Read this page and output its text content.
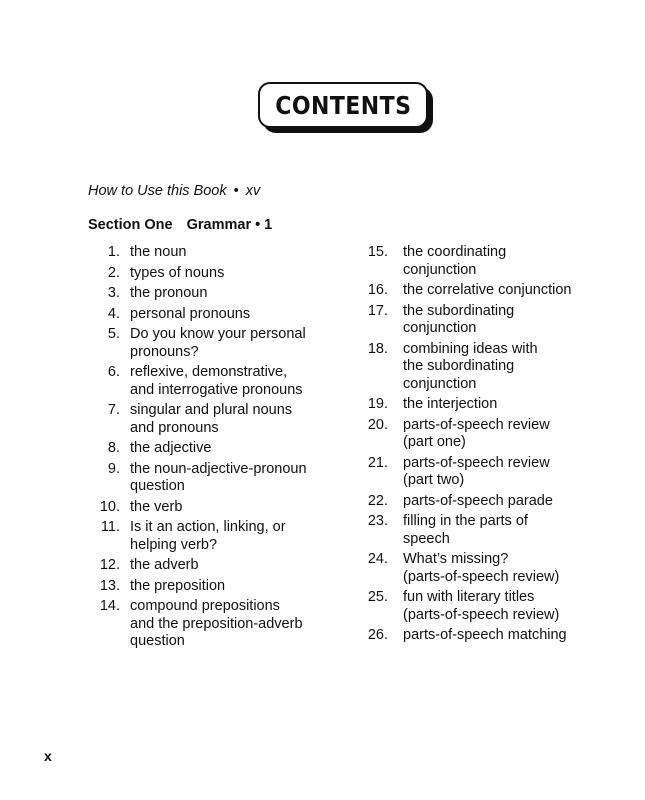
CONTENTS
How to Use this Book • xv
Section One Grammar • 1
1. the noun
2. types of nouns
3. the pronoun
4. personal pronouns
5. Do you know your personal
pronouns?
6. reflexive, demonstrative,
and interrogative pronouns
7. singular and plural nouns
and pronouns
8. the adjective
9. the noun-adjective-pronoun
question
10. the verb
11. Is it an action, linking, or
helping verb?
12. the adverb
13. the preposition
14. compound prepositions
and the preposition-adverb
question
15. the coordinating
conjunction
16. the correlative conjunction
17. the subordinating
conjunction
18. combining ideas with
the subordinating
conjunction
19. the interjection
20. parts-of-speech review
(part one)
21. parts-of-speech review
(part two)
22. parts-of-speech parade
23. filling in the parts of
speech
24. What’s missing?
(parts-of-speech review)
25. fun with literary titles
(parts-of-speech review)
26. parts-of-speech matching
x
